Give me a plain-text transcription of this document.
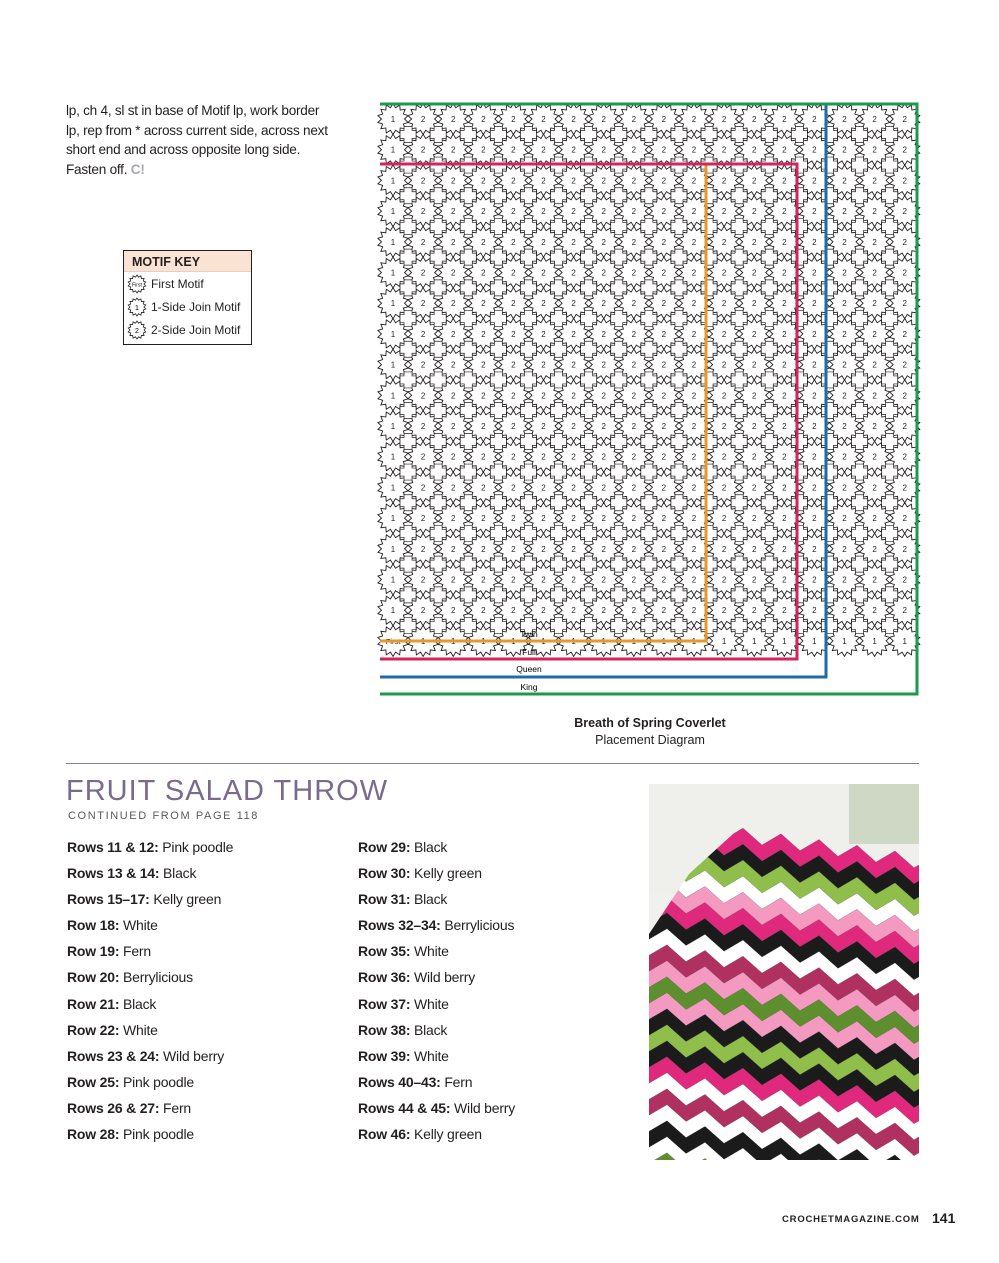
lp, ch 4, sl st in base of Motif lp, work border lp, rep from * across current side, across next short end and across opposite long side. Fasten off. C!
MOTIF KEY
First First Motif
1 1-Side Join Motif
2 2-Side Join Motif
1	2	2	2	2	2	2	2	2	2	2	2	2	2	2	2	2	2
1	2	2	2	2	2	2	2	2	2	2	2	2	2	2	2	2	2
1	2	2	2	2	2	2	2	2	2	2	2	2	2	2	2	2	2
1	2	2	2	2	2	2	2	2	2	2	2	2	2	2	2	2	2
1	2	2	2	2	2	2	2	2	2	2	2	2	2	2	2	2	2
1	2	2	2	2	2	2	2	2	2	2	2	2	2	2	2	2	2
1	2	2	2	2	2	2	2	2	2	2	2	2	2	2	2	2	2
1	2	2	2	2	2	2	2	2	2	2	2	2	2	2	2	2	2
1	2	2	2	2	2	2	2	2	2	2	2	2	2	2	2	2	2
1	2	2	2	2	2	2	2	2	2	2	2	2	2	2	2	2	2
1	2	2	2	2	2	2	2	2	2	2	2	2	2	2	2	2	2
1	2	2	2	2	2	2	2	2	2	2	2	2	2	2	2	2	2
1	2	2	2	2	2	2	2	2	2	2	2	2	2	2	2	2	2
1	2	2	2	2	2	2	2	2	2	2	2	2	2	2	2	2	2
1	2	2	2	2	2	2	2	2	2	2	2	2	2	2	2	2	2
1	2	2	2	2	2	2	2	2	2	2	2	2	2	2	2	2	2
1	2	2	2	2	2	2	2	2	2	2	2	2	2	2	2	2	2
First	1	1	1	1	1	1	1	1	1	1	1	1	1	1	1	1	1
Twin
Full
Queen
King
Breath of Spring Coverlet
Placement Diagram
FRUIT SALAD THROW
CONTINUED FROM PAGE 118
Rows 11 & 12: Pink poodle
Rows 13 & 14: Black
Rows 15–17: Kelly green
Row 18: White
Row 19: Fern
Row 20: Berrylicious
Row 21: Black
Row 22: White
Rows 23 & 24: Wild berry
Row 25: Pink poodle
Rows 26 & 27: Fern
Row 28: Pink poodle
Row 29: Black
Row 30: Kelly green
Row 31: Black
Rows 32–34: Berrylicious
Row 35: White
Row 36: Wild berry
Row 37: White
Row 38: Black
Row 39: White
Rows 40–43: Fern
Rows 44 & 45: Wild berry
Row 46: Kelly green
CROCHETMAGAZINE.COM 141
